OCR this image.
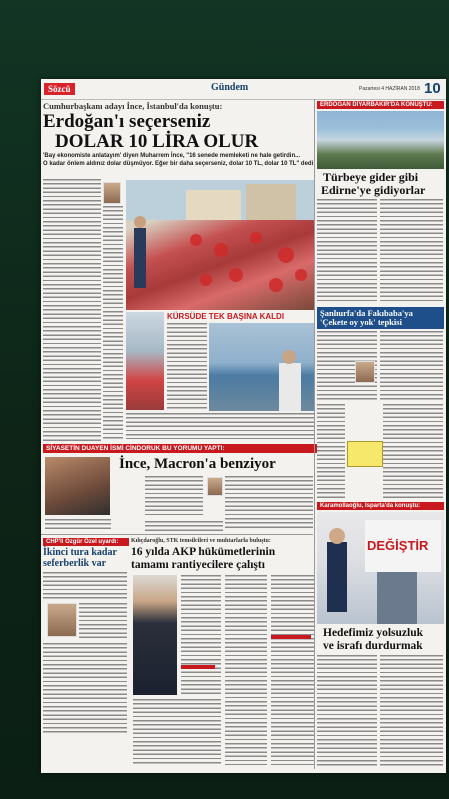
Sözcü	Gündem	Pazartesi 4 HAZİRAN 2018 10
Cumhurbaşkanı adayı İnce, İstanbul'da konuştu:
Erdoğan'ı seçerseniz
DOLAR 10 LİRA OLUR
'Bay ekonomiste anlatayım' diyen Muharrem İnce, "16 senede memleketi ne hale getirdin...
O kadar önlem aldınız dolar düşmüyor. Eğer bir daha seçerseniz, dolar 10 TL, dolar 10 TL" dedi
KÜRSÜDE TEK BAŞINA KALDI
ERDOĞAN DİYARBAKIR'DA KONUŞTU:
Türbeye gider gibi
Edirne'ye gidiyorlar
Şanlıurfa'da Fakıbaba'ya
'Çekete oy yok' tepkisi
SİYASETİN DUAYEN İSMİ CİNDORUK BU YORUMU YAPTI:
İnce, Macron'a benziyor
Karamollaoğlu, Isparta'da konuştu:
DEĞİŞTİR
Hedefimiz yolsuzluk
ve israfı durdurmak
CHP'li Özgür Özel uyardı:
İkinci tura kadar
seferberlik var
Kılıçdaroğlu, STK temsilcileri ve muhtarlarla buluştu:
16 yılda AKP hükümetlerinin
tamamı rantiyecilere çalıştı
